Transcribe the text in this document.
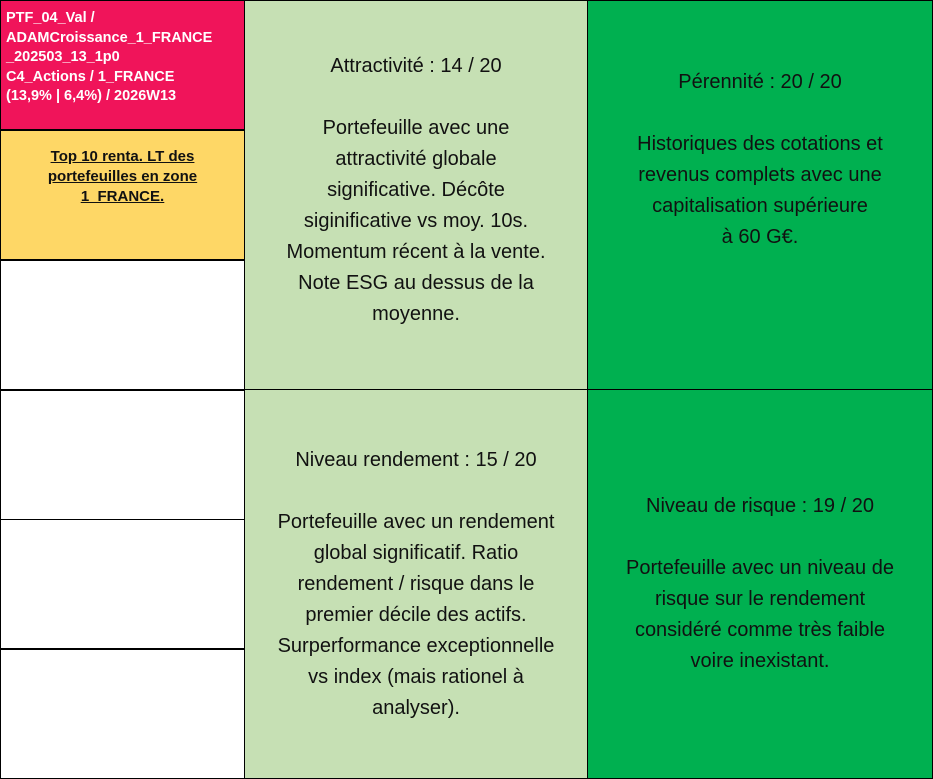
PTF_04_Val /
ADAMCroissance_1_FRANCE
_202503_13_1p0
C4_Actions / 1_FRANCE
(13,9% | 6,4%) / 2026W13
Top 10 renta. LT des
portefeuilles en zone
1_FRANCE.
Attractivité : 14 / 20
Portefeuille avec une
attractivité globale
significative. Décôte
siginificative vs moy. 10s.
Momentum récent à la vente.
Note ESG au dessus de la
moyenne.
Pérennité : 20 / 20
Historiques des cotations et
revenus complets avec une
capitalisation supérieure
à 60 G€.
Niveau rendement : 15 / 20
Portefeuille avec un rendement
global significatif. Ratio
rendement / risque dans le
premier décile des actifs.
Surperformance exceptionnelle
vs index (mais rationel à
analyser).
Niveau de risque : 19 / 20
Portefeuille avec un niveau de
risque sur le rendement
considéré comme très faible
voire inexistant.
